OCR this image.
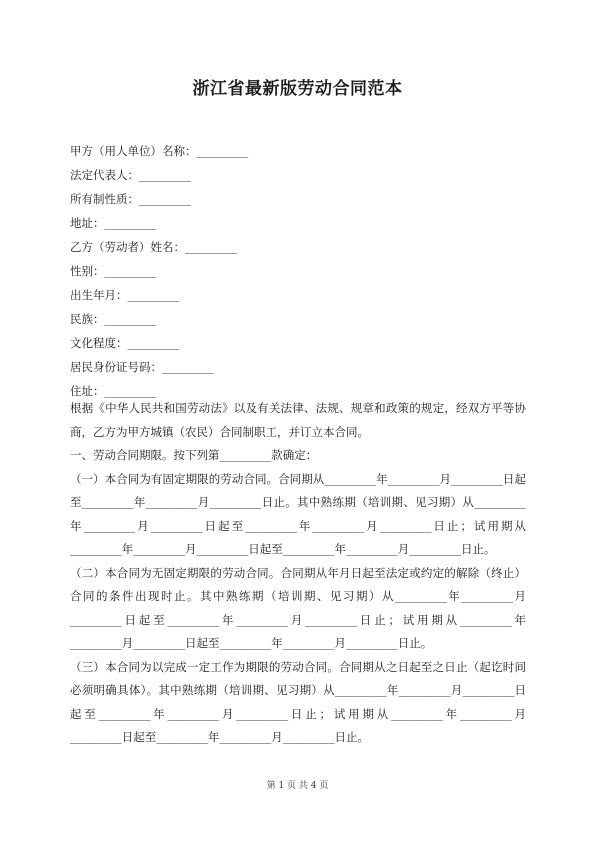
浙江省最新版劳动合同范本

甲方（用人单位）名称：_________

法定代表人：_________

所有制性质：_________

地址：_________

乙方（劳动者）姓名：_________

性别：_________

出生年月：_________

民族：_________

文化程度：_________

居民身份证号码：_________

住址：_________

根据《中华人民共和国劳动法》以及有关法律、法规、规章和政策的规定，经双方平等协商，乙方为甲方城镇（农民）合同制职工，并订立本合同。

一、劳动合同期限。按下列第_________款确定：

（一）本合同为有固定期限的劳动合同。合同期从_________年_________月_________日起至_________年_________月_________日止。其中熟练期（培训期、见习期）从_________年_________月_________日起至_________年_________月_________日止；试用期从_________年_________月_________日起至_________年_________月_________日止。

（二）本合同为无固定期限的劳动合同。合同期从年月日起至法定或约定的解除（终止）合同的条件出现时止。其中熟练期（培训期、见习期）从_________年_________月_________日起至_________年_________月_________日止；试用期从_________年_________月_________日起至_________年_________月_________日止。

（三）本合同为以完成一定工作为期限的劳动合同。合同期从之日起至之日止（起讫时间必须明确具体）。其中熟练期（培训期、见习期）从_________年_________月_________日起至_________年_________月_________日止；试用期从_________年_________月_________日起至_________年_________月_________日止。

第 1 页 共 4 页
